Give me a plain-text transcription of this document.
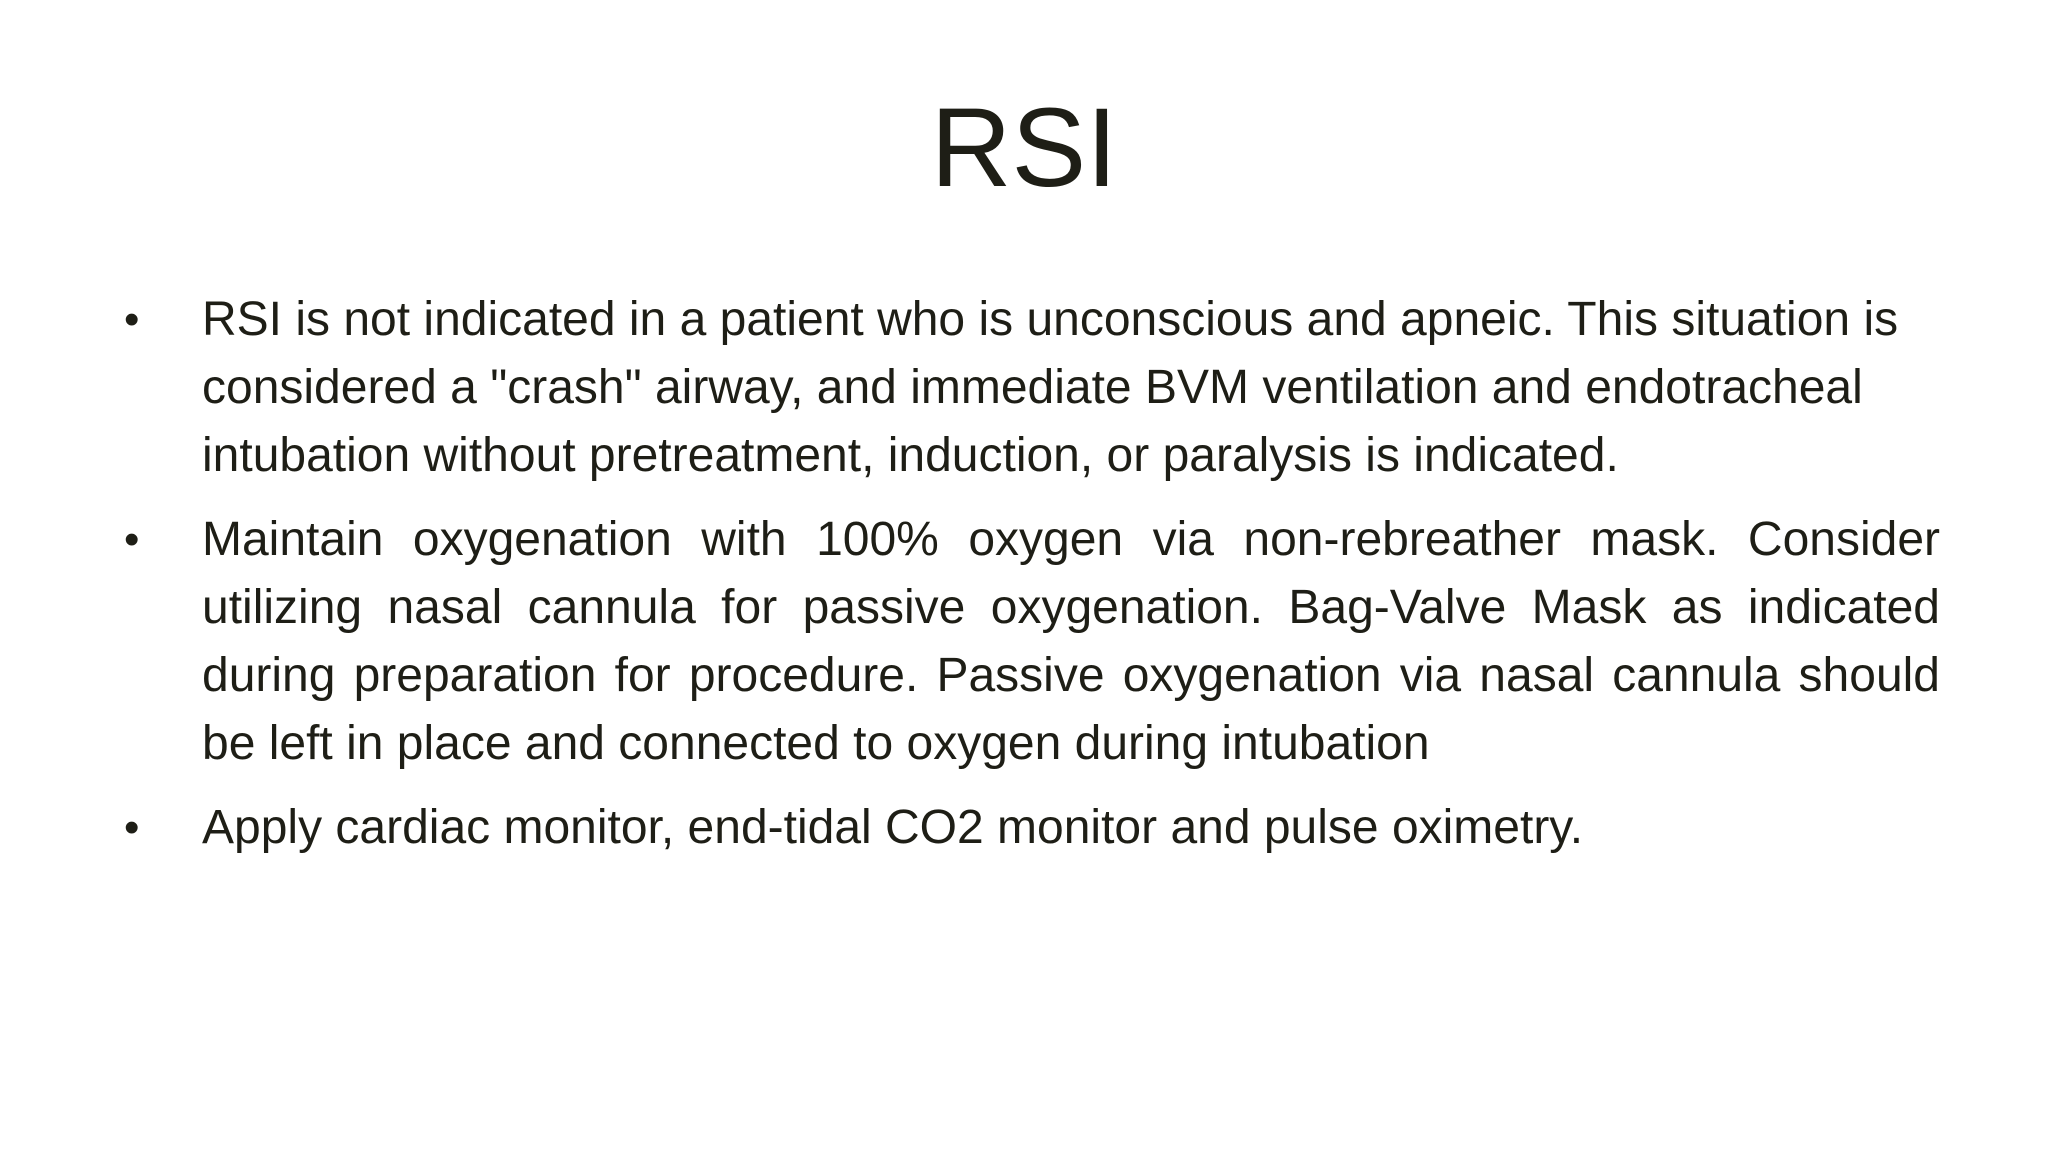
RSI
•	RSI is not indicated in a patient who is unconscious and apneic. This situation is considered a "crash" airway, and immediate BVM ventilation and endotracheal intubation without pretreatment, induction, or paralysis is indicated.
•	Maintain oxygenation with 100% oxygen via non-rebreather mask. Consider utilizing nasal cannula for passive oxygenation. Bag-Valve Mask as indicated during preparation for procedure. Passive oxygenation via nasal cannula should be left in place and connected to oxygen during intubation
•	Apply cardiac monitor, end-tidal CO2 monitor and pulse oximetry.
